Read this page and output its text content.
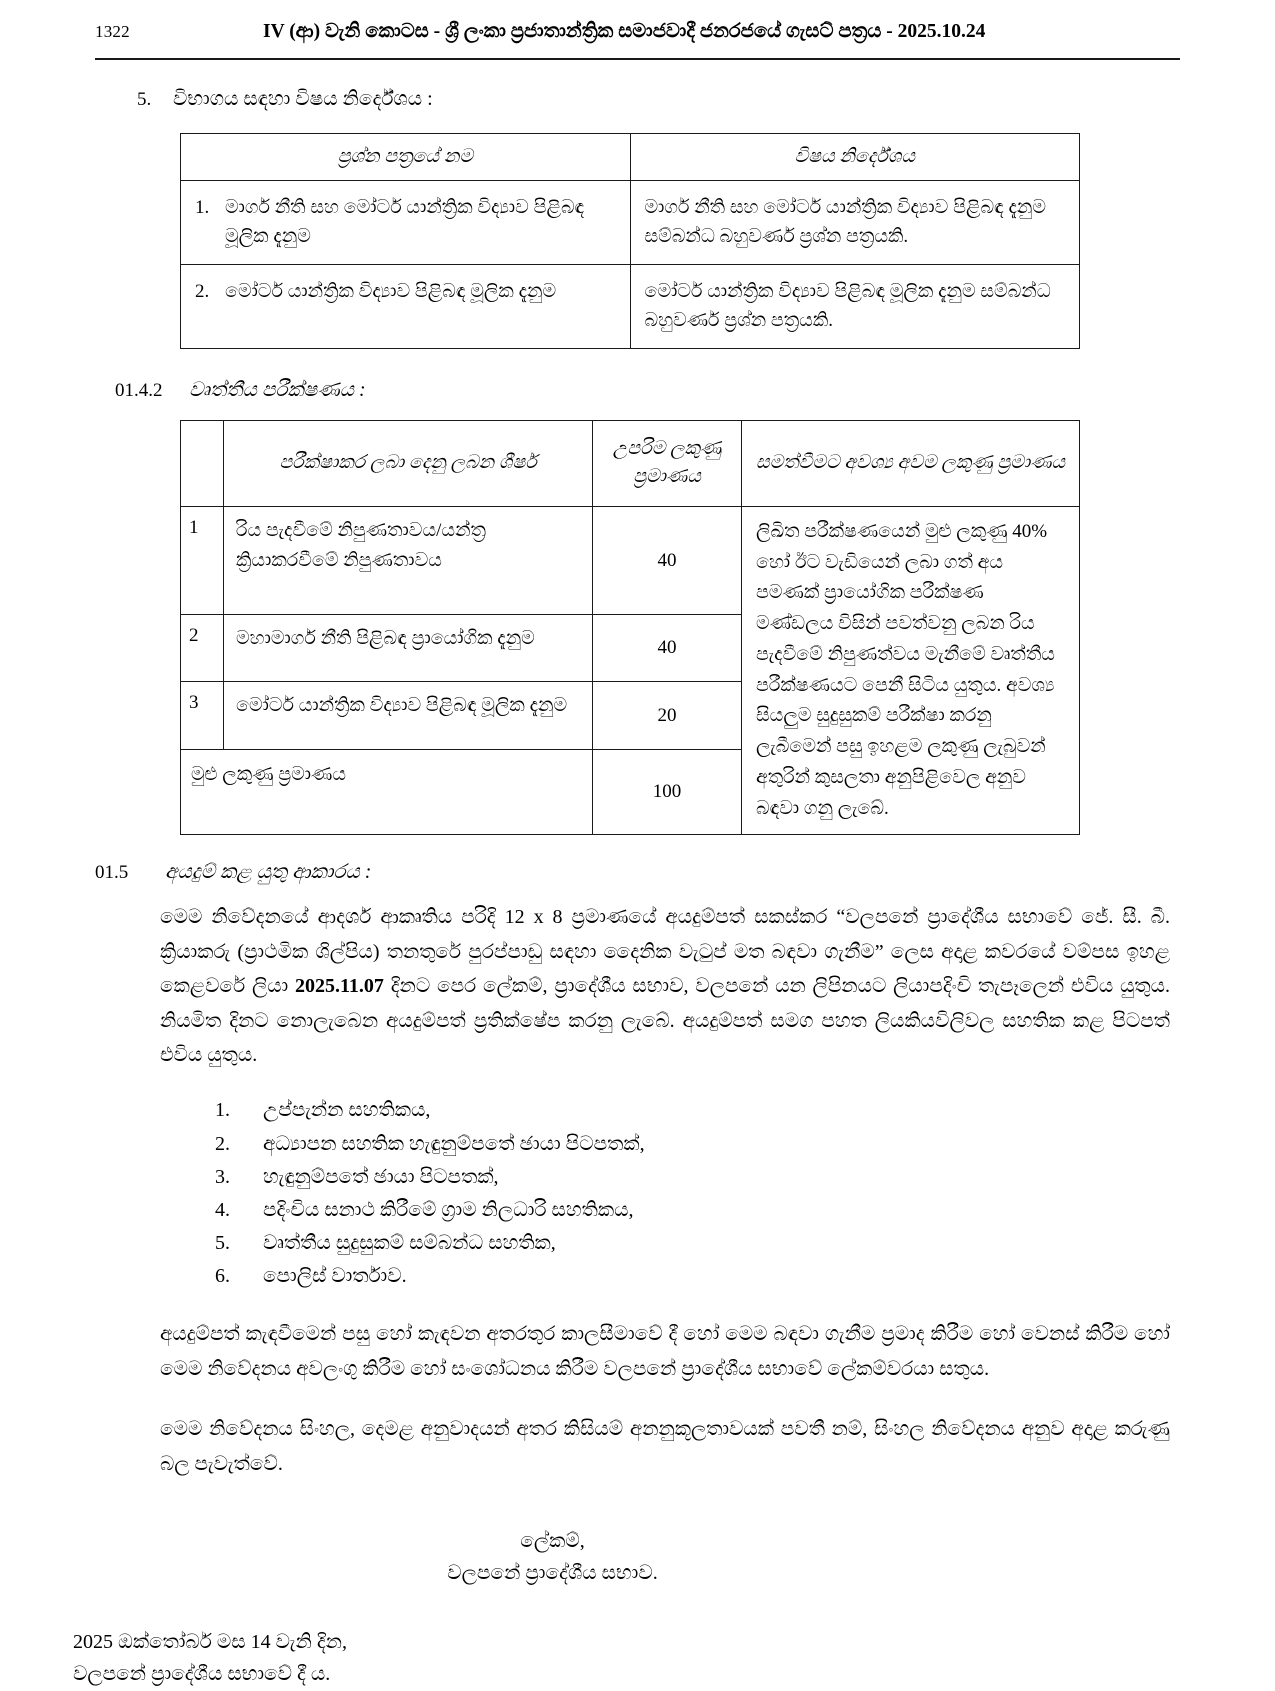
1322	IV (ආ) වැනි කොටස - ශ්‍රී ලංකා ප්‍රජාතාන්ත්‍රික සමාජවාදී ජනරජයේ ගැසට් පත්‍රය - 2025.10.24
5.	විභාගය සඳහා විෂය නිර්දේශය :
ප්‍රශ්න පත්‍රයේ නම	විෂය නිර්දේශය

1. මාර්ග නීති සහ මෝටර් යාන්ත්‍රික විද්‍යාව පිළිබඳ මූලික දැනුම	මාර්ග නීති සහ මෝටර් යාන්ත්‍රික විද්‍යාව පිළිබඳ දැනුම සම්බන්ධ බහුවර්ණ ප්‍රශ්න පත්‍රයකි.

2. මෝටර් යාන්ත්‍රික විද්‍යාව පිළිබඳ මූලික දැනුම	මෝටර් යාන්ත්‍රික විද්‍යාව පිළිබඳ මූලික දැනුම සම්බන්ධ බහුවර්ණ ප්‍රශ්න පත්‍රයකි.
01.4.2	වෘත්තීය පරීක්ෂණය :
	පරීක්ෂාකර ලබා දෙනු ලබන ශීර්ෂ	උපරිම ලකුණු ප්‍රමාණය	සමත්වීමට අවශ්‍ය අවම ලකුණු ප්‍රමාණය
1	රිය පැදවීමේ නිපුණතාවය/යන්ත්‍ර ක්‍රියාකරවීමේ නිපුණතාවය	40	ලිඛිත පරීක්ෂණයෙන් මුළු ලකුණු 40% හෝ ඊට වැඩියෙන් ලබා ගත් අය පමණක් ප්‍රායෝගික පරීක්ෂණ මණ්ඩලය විසින් පවත්වනු ලබන රිය පැදවීමේ නිපුණත්වය මැනීමේ වෘත්තීය පරීක්ෂණයට පෙනී සිටිය යුතුය. අවශ්‍ය සියලුම සුදුසුකම් පරීක්ෂා කරනු ලැබීමෙන් පසු ඉහළම ලකුණු ලැබුවන් අතුරින් කුසලතා අනුපිළිවෙල අනුව බඳවා ගනු ලැබේ.
2	මහාමාර්ග නීති පිළිබඳ ප්‍රායෝගික දැනුම	40	
3	මෝටර් යාන්ත්‍රික විද්‍යාව පිළිබඳ මූලික දැනුම	20	
මුළු ලකුණු ප්‍රමාණය		100	
01.5	අයදුම් කළ යුතු ආකාරය :

මෙම නිවේදනයේ ආදර්ශ ආකෘතිය පරිදි 12 x 8 ප්‍රමාණයේ අයදුම්පත් සකස්කර “වලපනේ ප්‍රාදේශීය සභාවේ ජේ. සී. බී. ක්‍රියාකරු (ප්‍රාථමික ශිල්පිය) තනතුරේ පුරප්පාඩු සඳහා දෛනික වැටුප් මත බඳවා ගැනීම” ලෙස අදාළ කවරයේ වම්පස ඉහළ කෙළවරේ ලියා 2025.11.07 දිනට පෙර ලේකම්, ප්‍රාදේශීය සභාව, වලපනේ යන ලිපිනයට ලියාපදිංචි තැපෑලෙන් එවිය යුතුය. නියමිත දිනට නොලැබෙන අයදුම්පත් ප්‍රතික්ෂේප කරනු ලැබේ. අයදුම්පත් සමග පහත ලියකියවිලිවල සහතික කළ පිටපත් එවිය යුතුය.

1.	උප්පැන්න සහතිකය,
2.	අධ්‍යාපන සහතික හැඳුනුම්පතේ ඡායා පිටපතක්,
3.	හැඳුනුම්පතේ ඡායා පිටපතක්,
4.	පදිංචිය සනාථ කිරීමේ ග්‍රාම නිලධාරි සහතිකය,
5.	වෘත්තීය සුදුසුකම් සම්බන්ධ සහතික,
6.	පොලිස් වාර්තාව.

අයදුම්පත් කැඳවීමෙන් පසු හෝ කැඳවන අතරතුර කාලසීමාවේ දී හෝ මෙම බඳවා ගැනීම ප්‍රමාද කිරීම හෝ වෙනස් කිරීම හෝ මෙම නිවේදනය අවලංගු කිරීම හෝ සංශෝධනය කිරීම වලපනේ ප්‍රාදේශීය සභාවේ ලේකම්වරයා සතුය.

මෙම නිවේදනය සිංහල, දෙමළ අනුවාදයන් අතර කිසියම් අනනුකූලතාවයක් පවතී නම්, සිංහල නිවේදනය අනුව අදාළ කරුණු බල පැවැත්වේ.

ලේකම්,
වලපනේ ප්‍රාදේශීය සභාව.
2025 ඔක්තෝබර් මස 14 වැනි දින,
වලපනේ ප්‍රාදේශීය සභාවේ දී ය.
